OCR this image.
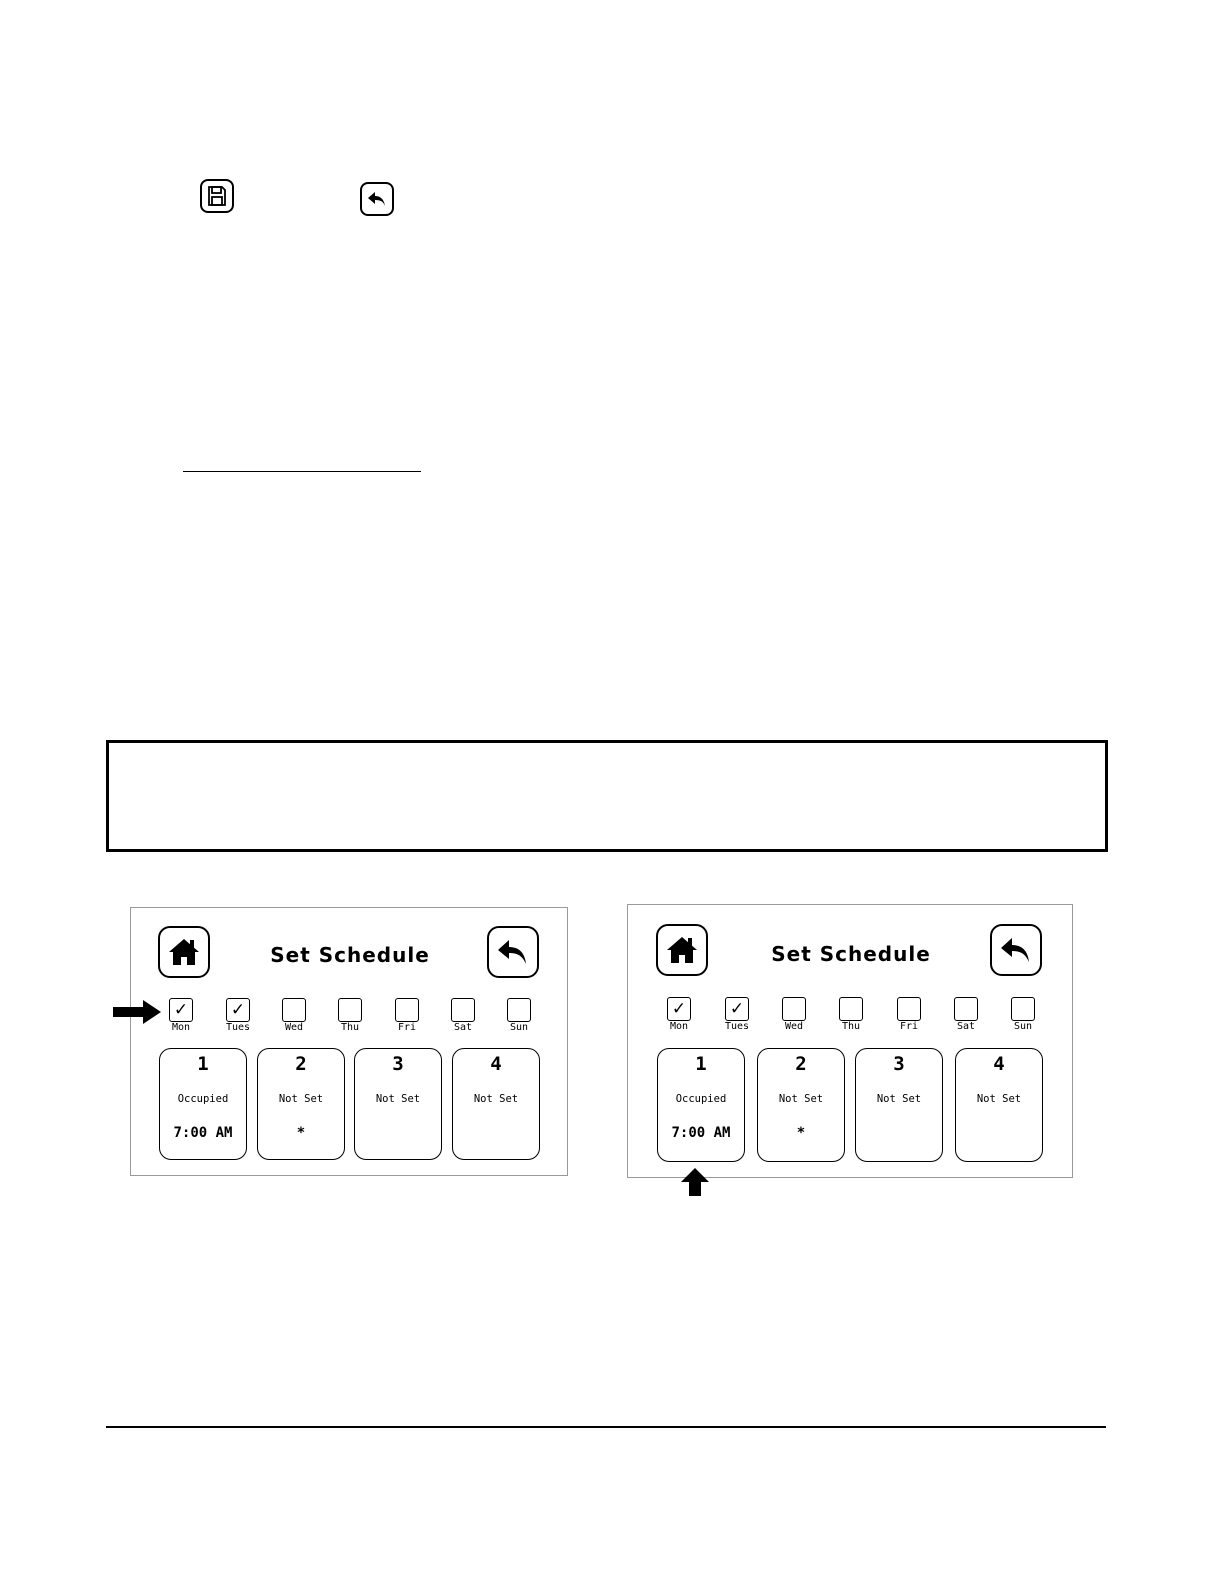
Set Schedule
✓
Mon
✓
Tues	Wed	Thu	Fri	Sat	Sun
1
Occupied
7:00 AM
2
Not Set
*
3
Not Set
4
Not Set
Set Schedule
✓
Mon
✓
Tues	Wed	Thu	Fri	Sat	Sun
1
Occupied
7:00 AM
2
Not Set
*
3
Not Set
4
Not Set
